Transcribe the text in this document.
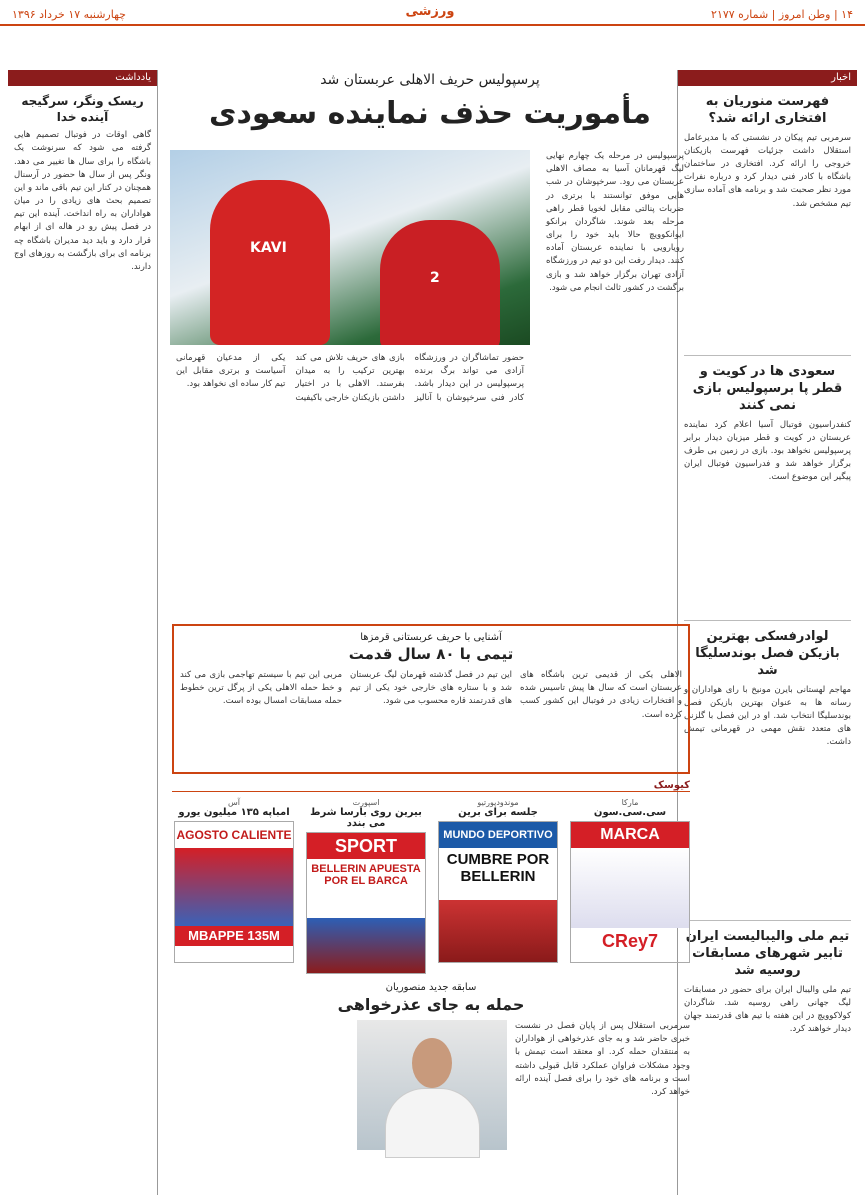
۱۴ | وطن امروز | شماره ۲۱۷۷
ورزشی
چهارشنبه ۱۷ خرداد ۱۳۹۶
اخبار
فهرست منوریان به افتخاری ارائه شد؟
سرمربی تیم پیکان در نشستی که با مدیرعامل استقلال داشت جزئیات فهرست بازیکنان خروجی را ارائه کرد. افتخاری در ساختمان باشگاه با کادر فنی دیدار کرد و درباره نفرات مورد نظر صحبت شد و برنامه های آماده سازی تیم مشخص شد.
سعودی ها در کویت و قطر پا برسپولیس بازی نمی کنند
کنفدراسیون فوتبال آسیا اعلام کرد نماینده عربستان در کویت و قطر میزبان دیدار برابر پرسپولیس نخواهد بود. بازی در زمین بی طرف برگزار خواهد شد و فدراسیون فوتبال ایران پیگیر این موضوع است.
لوادرفسکی بهترین بازیکن فصل بوندسلیگا شد
مهاجم لهستانی بایرن مونیخ با رای هواداران و رسانه ها به عنوان بهترین بازیکن فصل بوندسلیگا انتخاب شد. او در این فصل با گلزنی های متعدد نقش مهمی در قهرمانی تیمش داشت.
تیم ملی والیبالیست ایران تابیر شهرهای مسابقات روسیه شد
تیم ملی والیبال ایران برای حضور در مسابقات لیگ جهانی راهی روسیه شد. شاگردان کولاکوویچ در این هفته با تیم های قدرتمند جهان دیدار خواهند کرد.
یادداشت
ریسک ونگر، سرگیجه آینده خدا
گاهی اوقات در فوتبال تصمیم هایی گرفته می شود که سرنوشت یک باشگاه را برای سال ها تغییر می دهد. ونگر پس از سال ها حضور در آرسنال همچنان در کنار این تیم باقی ماند و این تصمیم بحث های زیادی را در میان هواداران به راه انداخت. آینده این تیم در فصل پیش رو در هاله ای از ابهام قرار دارد و باید دید مدیران باشگاه چه برنامه ای برای بازگشت به روزهای اوج دارند.
پرسپولیس حریف الاهلی عربستان شد
مأموریت حذف نماینده سعودی
KAVI
2
پرسپولیس در مرحله یک چهارم نهایی لیگ قهرمانان آسیا به مصاف الاهلی عربستان می رود. سرخپوشان در شب هایی موفق توانستند با برتری در ضربات پنالتی مقابل لخویا قطر راهی مرحله بعد شوند. شاگردان برانکو ایوانکوویچ حالا باید خود را برای رویارویی با نماینده عربستان آماده کنند. دیدار رفت این دو تیم در ورزشگاه آزادی تهران برگزار خواهد شد و بازی برگشت در کشور ثالث انجام می شود.
حضور تماشاگران در ورزشگاه آزادی می تواند برگ برنده پرسپولیس در این دیدار باشد. کادر فنی سرخپوشان با آنالیز بازی های حریف تلاش می کند بهترین ترکیب را به میدان بفرستد. الاهلی با در اختیار داشتن بازیکنان خارجی باکیفیت یکی از مدعیان قهرمانی آسیاست و برتری مقابل این تیم کار ساده ای نخواهد بود.
آشنایی با حریف عربستانی قرمزها
تیمی با ۸۰ سال قدمت
الاهلی یکی از قدیمی ترین باشگاه های عربستان است که سال ها پیش تاسیس شده و افتخارات زیادی در فوتبال این کشور کسب کرده است.
این تیم در فصل گذشته قهرمان لیگ عربستان شد و با ستاره های خارجی خود یکی از تیم های قدرتمند قاره محسوب می شود.
مربی این تیم با سیستم تهاجمی بازی می کند و خط حمله الاهلی یکی از پرگل ترین خطوط حمله مسابقات امسال بوده است.
کیوسک
مارکا
سی.سی.سون
MARCA
CRey7
موندودپورتیو
جلسه برای برین
MUNDO DEPORTIVO
CUMBRE POR BELLERIN
اسپورت
بیرین روی بارسا شرط می بندد
SPORT
BELLERIN APUESTA POR EL BARCA
آس
امباپه ۱۳۵ میلیون یورو
AGOSTO CALIENTE
MBAPPE 135M
سابقه جدید منصوریان
حمله به جای عذرخواهی
سرمربی استقلال پس از پایان فصل در نشست خبری حاضر شد و به جای عذرخواهی از هواداران به منتقدان حمله کرد. او معتقد است تیمش با وجود مشکلات فراوان عملکرد قابل قبولی داشته است و برنامه های خود را برای فصل آینده ارائه خواهد کرد.
